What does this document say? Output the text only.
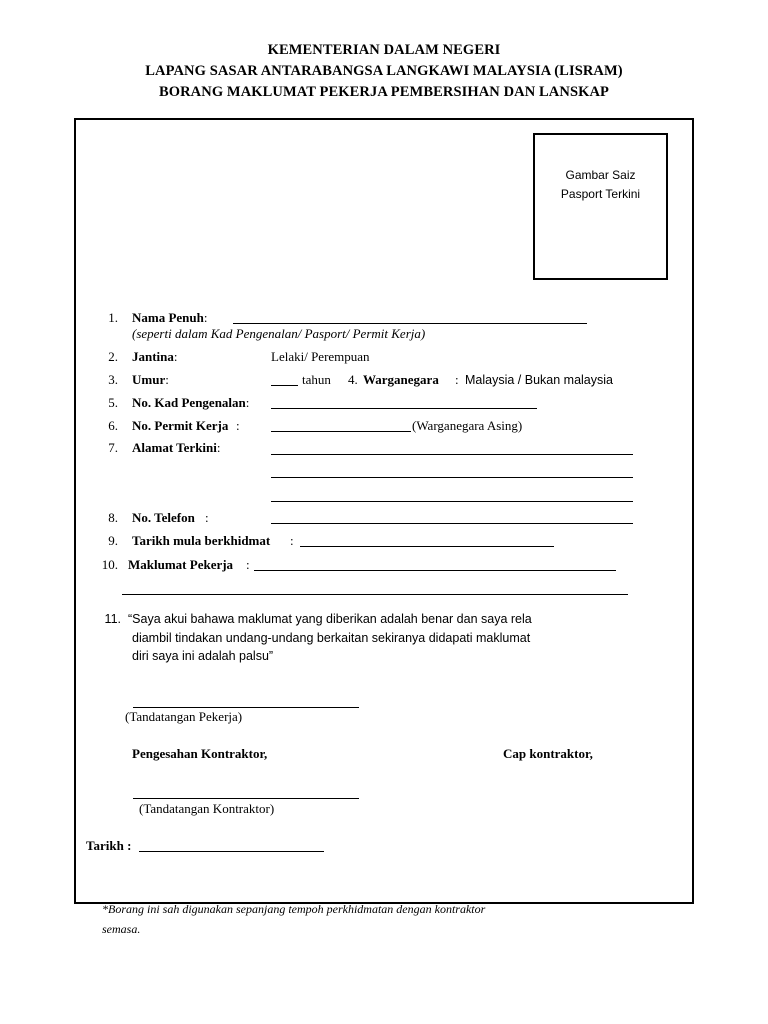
KEMENTERIAN DALAM NEGERI
LAPANG SASAR ANTARABANGSA LANGKAWI MALAYSIA (LISRAM)
BORANG MAKLUMAT PEKERJA PEMBERSIHAN DAN LANSKAP
Gambar Saiz
Pasport Terkini
1. Nama Penuh:
(seperti dalam Kad Pengenalan/ Pasport/ Permit Kerja)
2. Jantina:	Lelaki/ Perempuan
3. Umur:	tahun 4. Warganegara : Malaysia / Bukan malaysia
5. No. Kad Pengenalan:
6. No. Permit Kerja :	(Warganegara Asing)
7. Alamat Terkini:
8. No. Telefon :
9. Tarikh mula berkhidmat :
10. Maklumat Pekerja :
11. “Saya akui bahawa maklumat yang diberikan adalah benar dan saya rela
diambil tindakan undang-undang berkaitan sekiranya didapati maklumat
diri saya ini adalah palsu”
(Tandatangan Pekerja)
Pengesahan Kontraktor,	Cap kontraktor,
(Tandatangan Kontraktor)
Tarikh :
*Borang ini sah digunakan sepanjang tempoh perkhidmatan dengan kontraktor
semasa.
